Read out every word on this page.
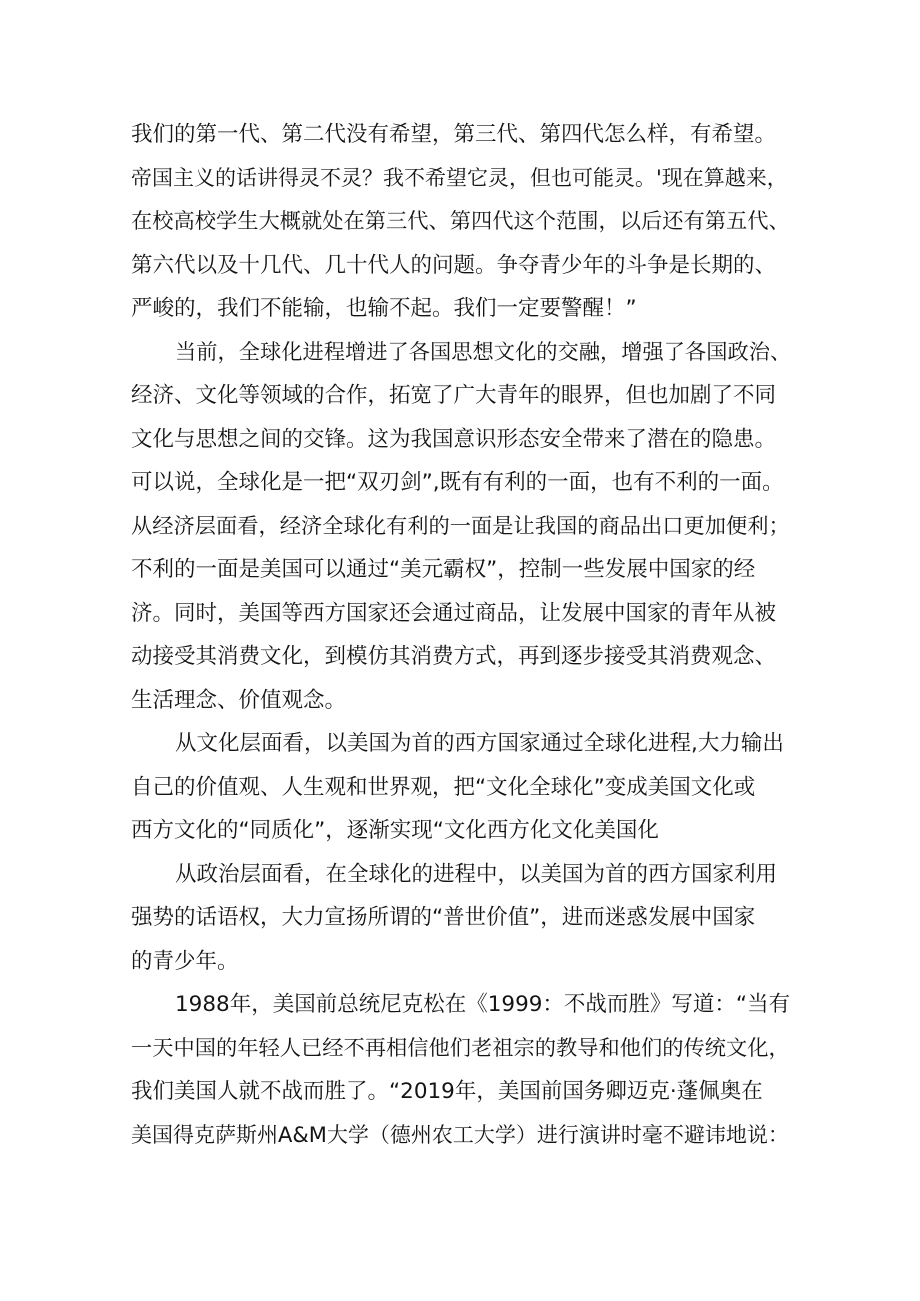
我们的第一代、第二代没有希望，第三代、第四代怎么样，有希望。
帝国主义的话讲得灵不灵？我不希望它灵，但也可能灵。'现在算越来，
在校高校学生大概就处在第三代、第四代这个范围，以后还有第五代、
第六代以及十几代、几十代人的问题。争夺青少年的斗争是长期的、
严峻的，我们不能输，也输不起。我们一定要警醒！”
当前，全球化进程增进了各国思想文化的交融，增强了各国政治、
经济、文化等领域的合作，拓宽了广大青年的眼界，但也加剧了不同
文化与思想之间的交锋。这为我国意识形态安全带来了潜在的隐患。
可以说，全球化是一把“双刃剑”,既有有利的一面，也有不利的一面。
从经济层面看，经济全球化有利的一面是让我国的商品出口更加便利；
不利的一面是美国可以通过“美元霸权”，控制一些发展中国家的经
济。同时，美国等西方国家还会通过商品，让发展中国家的青年从被
动接受其消费文化，到模仿其消费方式，再到逐步接受其消费观念、
生活理念、价值观念。
从文化层面看，以美国为首的西方国家通过全球化进程,大力输出
自己的价值观、人生观和世界观，把“文化全球化”变成美国文化或
西方文化的“同质化”，逐渐实现“文化西方化文化美国化
从政治层面看，在全球化的进程中，以美国为首的西方国家利用
强势的话语权，大力宣扬所谓的“普世价值”，进而迷惑发展中国家
的青少年。
1988年，美国前总统尼克松在《1999：不战而胜》写道：“当有
一天中国的年轻人已经不再相信他们老祖宗的教导和他们的传统文化，
我们美国人就不战而胜了。“2019年，美国前国务卿迈克·蓬佩奥在
美国得克萨斯州A&M大学（德州农工大学）进行演讲时毫不避讳地说：
